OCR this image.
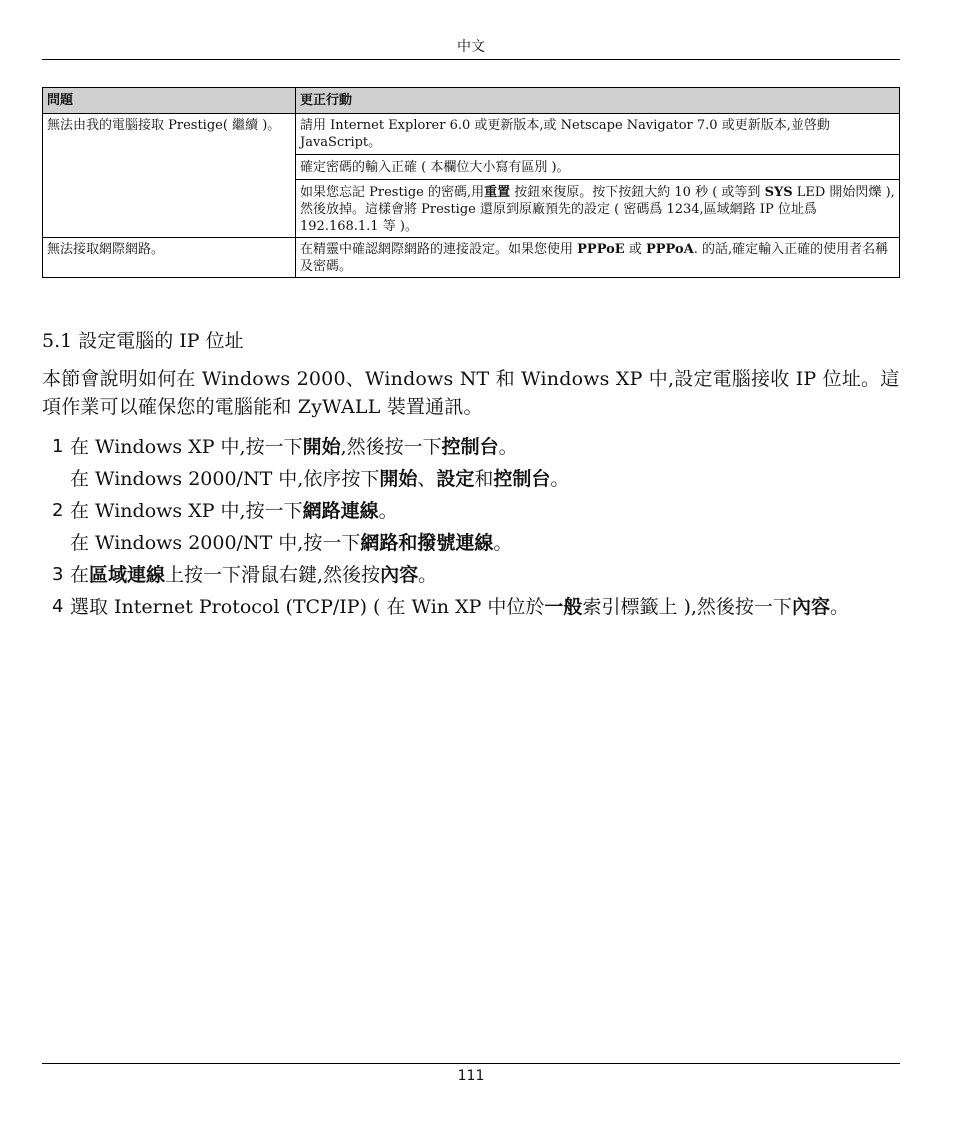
中文
問題	更正行動
無法由我的電腦接取 Prestige( 繼續 )。	請用 Internet Explorer 6.0 或更新版本,或 Netscape Navigator 7.0 或更新版本,並啓動 JavaScript。
確定密碼的輸入正確 ( 本欄位大小寫有區別 )。
如果您忘記 Prestige 的密碼,用重置 按鈕來復原。按下按鈕大約 10 秒 ( 或等到 SYS LED 開始閃爍 ),然後放掉。這樣會將 Prestige 還原到原廠預先的設定 ( 密碼爲 1234,區域網路 IP 位址爲 192.168.1.1 等 )。

無法接取網際網路。	在精靈中確認網際網路的連接設定。如果您使用 PPPoE 或 PPPoA. 的話,確定輸入正確的使用者名稱及密碼。
5.1 設定電腦的 IP 位址
本節會說明如何在 Windows 2000、Windows NT 和 Windows XP 中,設定電腦接收 IP 位址。這項作業可以確保您的電腦能和 ZyWALL 裝置通訊。
1 在 Windows XP 中,按一下開始,然後按一下控制台。
在 Windows 2000/NT 中,依序按下開始、設定和控制台。
2 在 Windows XP 中,按一下網路連線。
在 Windows 2000/NT 中,按一下網路和撥號連線。
3 在區域連線上按一下滑鼠右鍵,然後按內容。
4 選取 Internet Protocol (TCP/IP) ( 在 Win XP 中位於一般索引標籤上 ),然後按一下內容。
111
